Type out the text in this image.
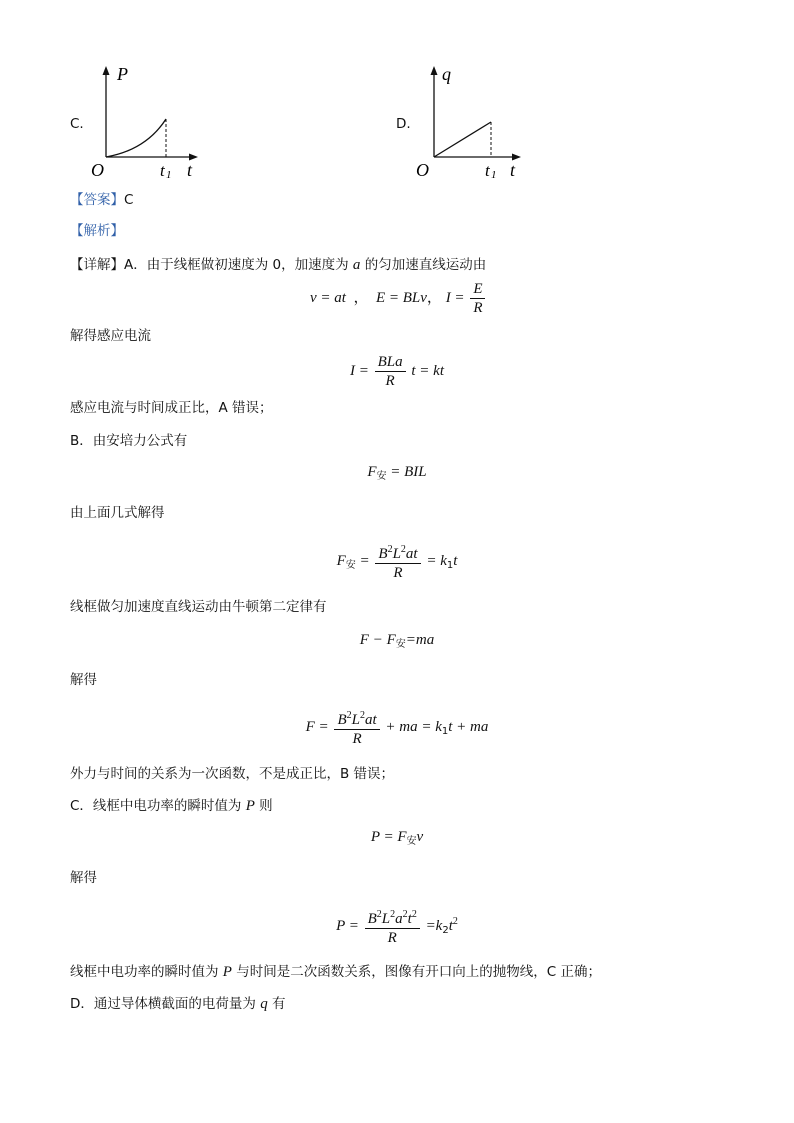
C.
P
O	t 1 t
D.
q
O	t 1 t
【答案】C
【解析】
【详解】A．由于线框做初速度为 0，加速度为 a 的匀加速直线运动由
v = at  ，  E = BLv， $I = \frac{E}{R}$
解得感应电流
$I = \frac{\text{BLa}}{R}$ t = kt
感应电流与时间成正比，A 错误；
B．由安培力公式有
$F_安$ = BIL
由上面几式解得
$F_安 = \frac{B^2L^2at}{R} = k_1t$
线框做匀加速度直线运动由牛顿第二定律有
$F - F_安=ma$
解得
$F = \frac{B^2L^2at}{R}$ + ma = $k_1t$ + ma
外力与时间的关系为一次函数，不是成正比，B 错误；
C．线框中电功率的瞬时值为 P 则
$P = F_安v$
解得
$P = \frac{B^2L^2a^2t^2}{R} =k_2t^2$
线框中电功率的瞬时值为 P 与时间是二次函数关系，图像有开口向上的抛物线，C 正确；
D．通过导体横截面的电荷量为 q 有
